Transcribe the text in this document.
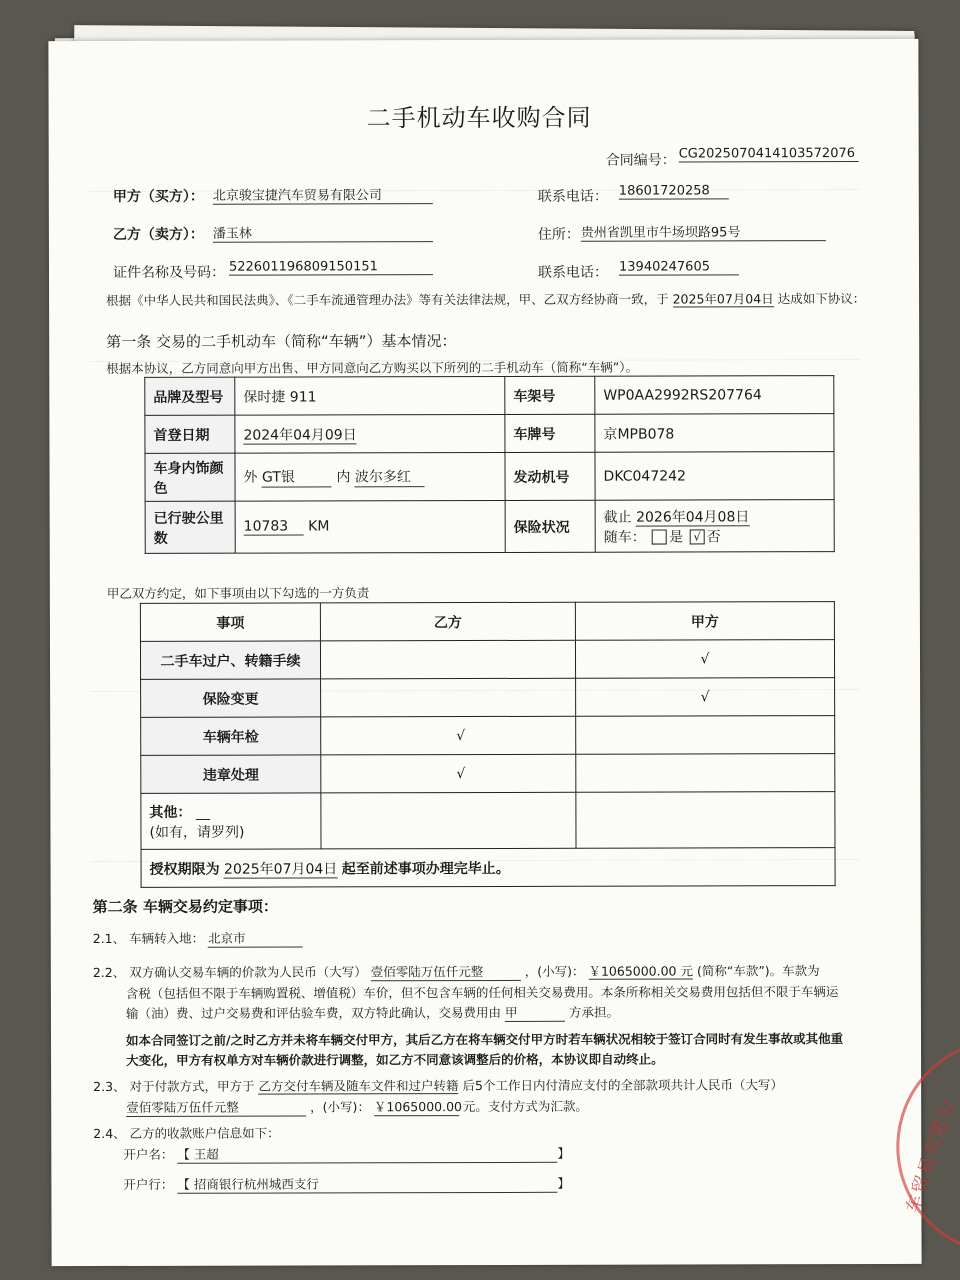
二手机动车收购合同
合同编号： CG2025070414103572076
甲方（买方）： 北京骏宝捷汽车贸易有限公司	联系电话： 18601720258
乙方（卖方）： 潘玉林	住所： 贵州省凯里市牛场坝路95号
证件名称及号码： 522601196809150151	联系电话： 13940247605
根据《中华人民共和国民法典》、《二手车流通管理办法》等有关法律法规，甲、乙双方经协商一致，于 2025年07月04日 达成如下协议：
第一条 交易的二手机动车（简称“车辆”）基本情况：
根据本协议，乙方同意向甲方出售、甲方同意向乙方购买以下所列的二手机动车（简称“车辆”）。
品牌及型号	保时捷 911	车架号	WP0AA2992RS207764
首登日期	2024年04月09日	车牌号	京MPB078
车身内饰颜色	外 GT银 内 波尔多红	发动机号	DKC047242
已行驶公里数	10783 KM	保险状况	截止 2026年04月08日
随车： 是 √ 否
甲乙双方约定，如下事项由以下勾选的一方负责
事项	乙方	甲方
二手车过户、转籍手续		√
保险变更		√
车辆年检	√	
违章处理	√	
其他： __
(如有，请罗列)		
授权期限为 2025年07月04日 起至前述事项办理完毕止。		
第二条 车辆交易约定事项：
2.1、 车辆转入地： 北京市
2.2、 双方确认交易车辆的价款为人民币（大写） 壹佰零陆万伍仟元整	，(小写)： ￥1065000.00 元 (简称“车款”)。车款为
含税（包括但不限于车辆购置税、增值税）车价，但不包含车辆的任何相关交易费用。本条所称相关交易费用包括但不限于车辆运
输（油）费、过户交易费和评估验车费，双方特此确认，交易费用由 甲	方承担。
如本合同签订之前/之时乙方并未将车辆交付甲方，其后乙方在将车辆交付甲方时若车辆状况相较于签订合同时有发生事故或其他重
大变化，甲方有权单方对车辆价款进行调整，如乙方不同意该调整后的价格，本协议即自动终止。
2.3、 对于付款方式，甲方于 乙方交付车辆及随车文件和过户转籍 后5个工作日内付清应支付的全部款项共计人民币（大写）
壹佰零陆万伍仟元整	，(小写)： ￥1065000.00 元。支付方式为汇款。
2.4、 乙方的收款账户信息如下：
开户名： 【 王超	】
开户行： 【 招商银行杭州城西支行	】	车贸易有限公
